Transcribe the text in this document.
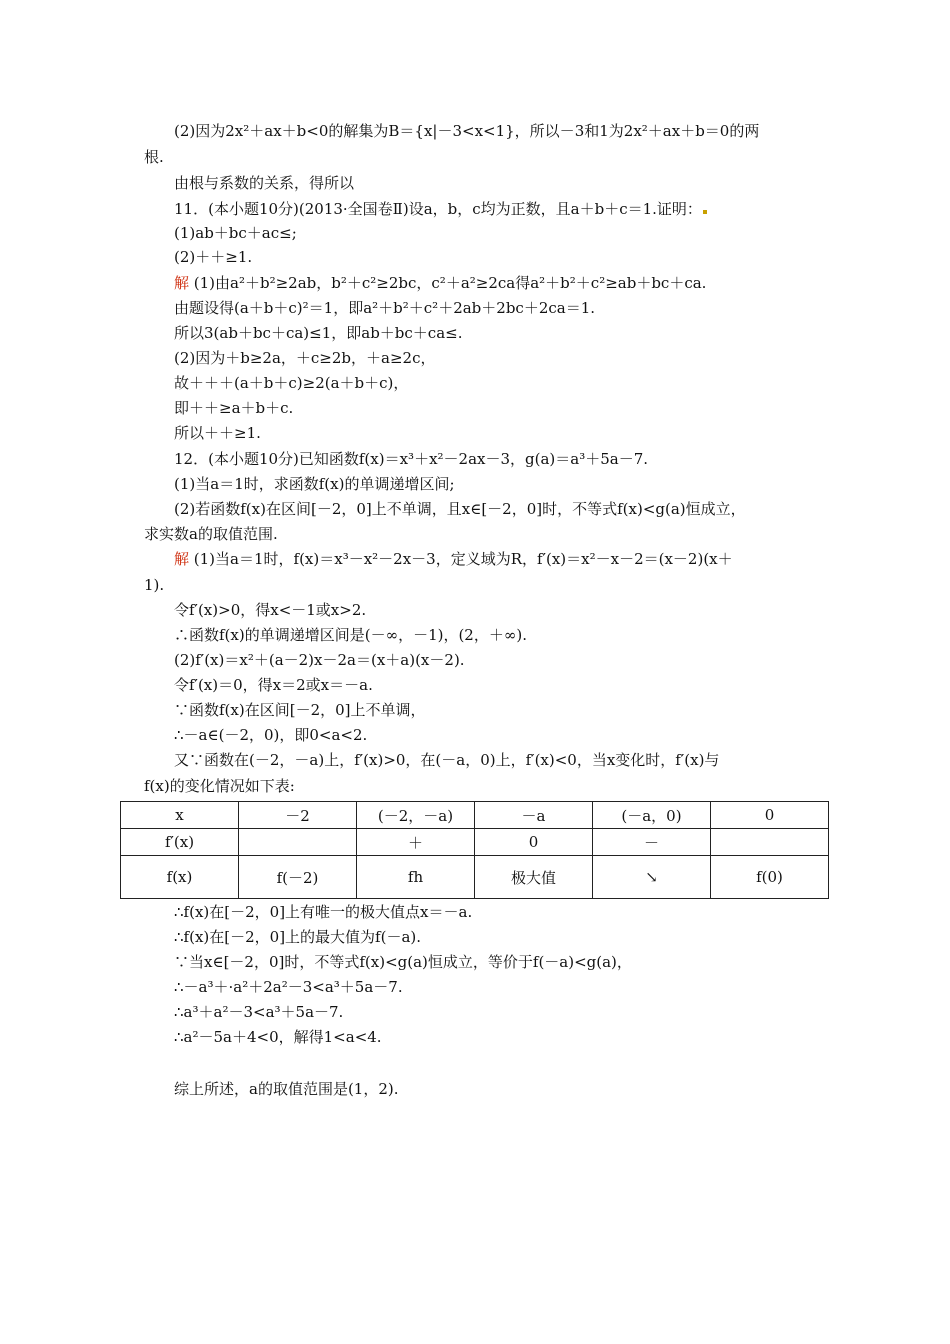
(2)因为2x²＋ax＋b<0的解集为B＝{x|－3<x<1}，所以－3和1为2x²＋ax＋b＝0的两
根.
由根与系数的关系，得所以
11．(本小题10分)(2013·全国卷Ⅱ)设a，b，c均为正数，且a＋b＋c＝1.证明：
(1)ab＋bc＋ac≤;
(2)＋＋≥1.
解 (1)由a²＋b²≥2ab，b²＋c²≥2bc，c²＋a²≥2ca得a²＋b²＋c²≥ab＋bc＋ca.
由题设得(a＋b＋c)²＝1，即a²＋b²＋c²＋2ab＋2bc＋2ca＝1.
所以3(ab＋bc＋ca)≤1，即ab＋bc＋ca≤.
(2)因为＋b≥2a，＋c≥2b，＋a≥2c，
故＋＋＋(a＋b＋c)≥2(a＋b＋c)，
即＋＋≥a＋b＋c.
所以＋＋≥1.
12．(本小题10分)已知函数f(x)＝x³＋x²－2ax－3，g(a)＝a³＋5a－7.
(1)当a＝1时，求函数f(x)的单调递增区间;
(2)若函数f(x)在区间[－2，0]上不单调，且x∈[－2，0]时，不等式f(x)<g(a)恒成立，
求实数a的取值范围.
解 (1)当a＝1时，f(x)＝x³－x²－2x－3，定义域为R，f′(x)＝x²－x－2＝(x－2)(x＋
1).
令f′(x)>0，得x<－1或x>2.
∴函数f(x)的单调递增区间是(－∞，－1)，(2，＋∞).
(2)f′(x)＝x²＋(a－2)x－2a＝(x＋a)(x－2).
令f′(x)＝0，得x＝2或x＝－a.
∵函数f(x)在区间[－2，0]上不单调，
∴－a∈(－2，0)，即0<a<2.
又∵函数在(－2，－a)上，f′(x)>0，在(－a，0)上，f′(x)<0，当x变化时，f′(x)与
f(x)的变化情况如下表:
x	－2	(－2，－a)	－a	(－a，0)	0
f′(x)		＋	0	－	
f(x)	f(－2)	fh	极大值	↘	f(0)
∴f(x)在[－2，0]上有唯一的极大值点x＝－a.
∴f(x)在[－2，0]上的最大值为f(－a).
∵当x∈[－2，0]时，不等式f(x)<g(a)恒成立，等价于f(－a)<g(a)，
∴－a³＋·a²＋2a²－3<a³＋5a－7.
∴a³＋a²－3<a³＋5a－7.
∴a²－5a＋4<0，解得1<a<4.
综上所述，a的取值范围是(1，2).
